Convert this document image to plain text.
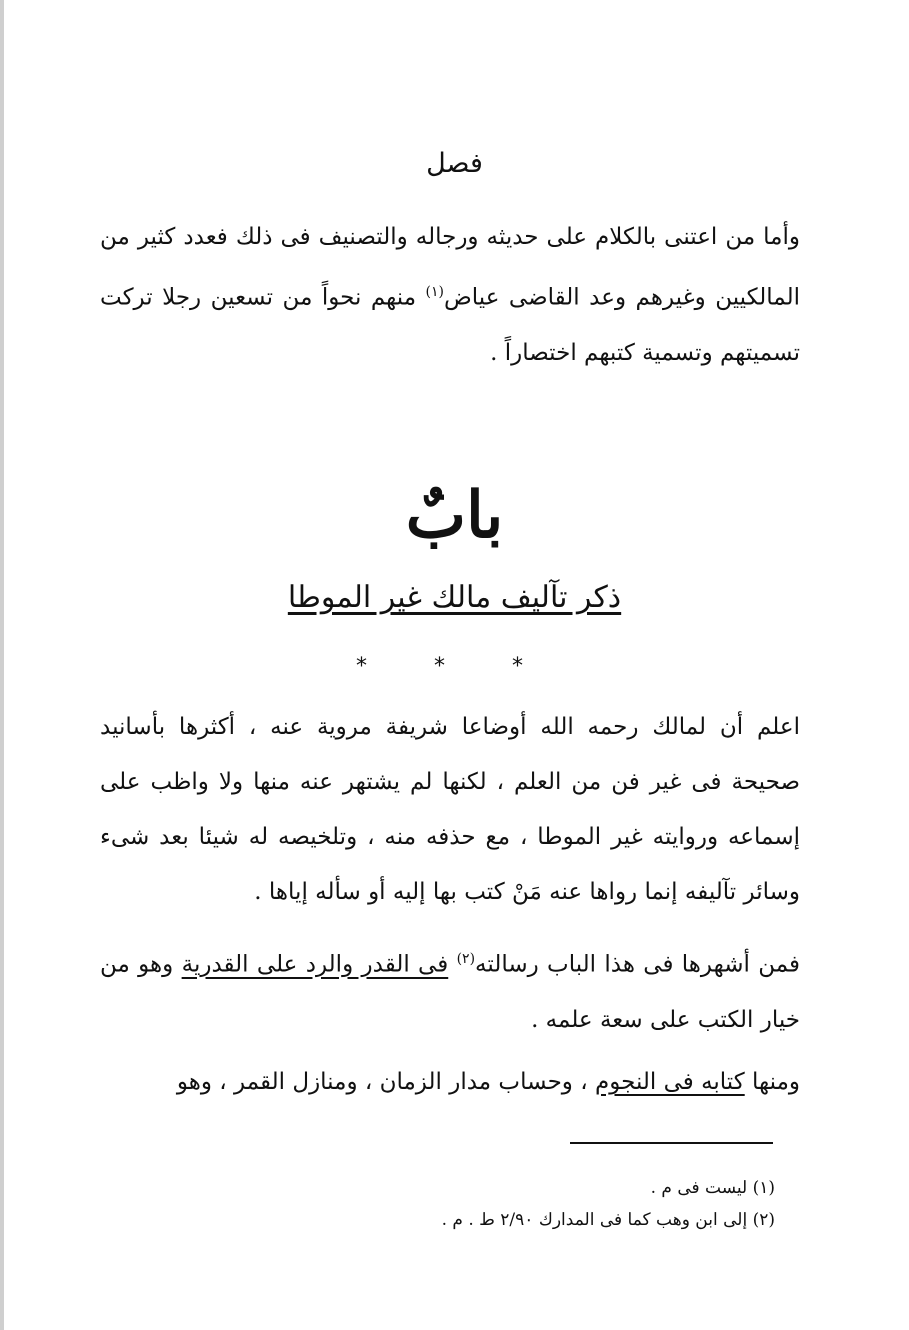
فصل

وأما من اعتنى بالكلام على حديثه ورجاله والتصنيف فى ذلك فعدد كثير من المالكيين وغيرهم وعد القاضى عياض$^{(١)}$ منهم نحواً من تسعين رجلا تركت تسميتهم وتسمية كتبهم اختصاراً .

بابٌ
ذكر تآليف مالك غير الموطا
* * *

اعلم أن لمالك رحمه الله أوضاعا شريفة مروية عنه ، أكثرها بأسانيد صحيحة فى غير فن من العلم ، لكنها لم يشتهر عنه منها ولا واظب على إسماعه وروايته غير الموطا ، مع حذفه منه ، وتلخيصه له شيئا بعد شىء وسائر تآليفه إنما رواها عنه مَنْ كتب بها إليه أو سأله إياها .

فمن أشهرها فى هذا الباب رسالته$^{(٢)}$ فى القدر والرد على القدرية وهو من خيار الكتب على سعة علمه .

ومنها كتابه فى النجوم ، وحساب مدار الزمان ، ومنازل القمر ، وهو

(١) ليست فى م .

(٢) إلى ابن وهب كما فى المدارك ٢/٩٠ ط . م .
